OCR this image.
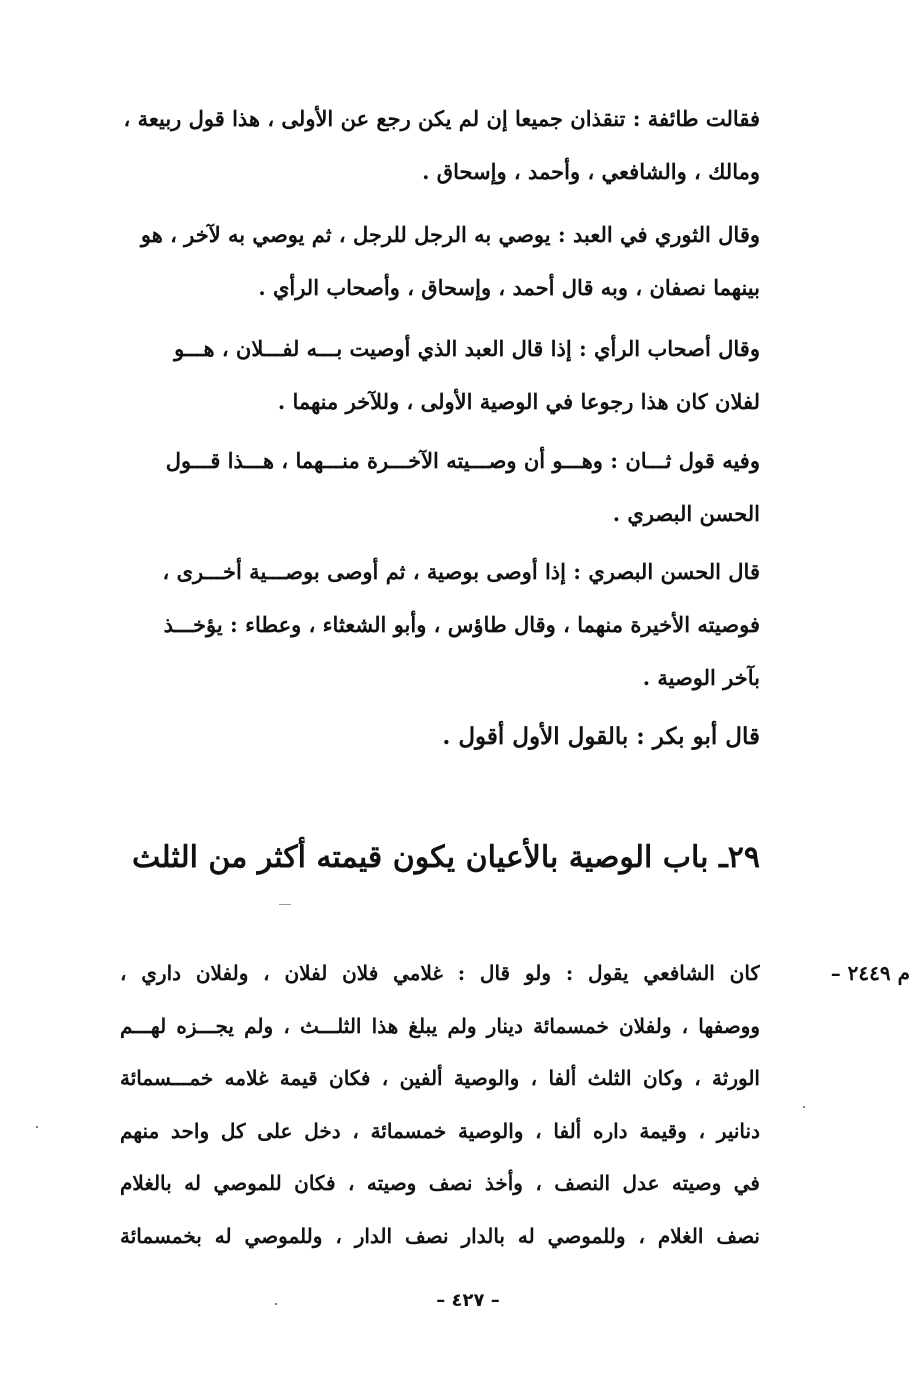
فقالت طائفة : تنقذان جميعا إن لم يكن رجع عن الأولى ، هذا قول ربيعة ،
ومالك ، والشافعي ، وأحمد ، وإسحاق .
وقال الثوري في العبد : يوصي به الرجل للرجل ، ثم يوصي به لآخر ، هو
بينهما نصفان ، وبه قال أحمد ، وإسحاق ، وأصحاب الرأي .
وقال أصحاب الرأي : إذا قال العبد الذي أوصيت بـــه لفـــلان ، هـــو
لفلان كان هذا رجوعا في الوصية الأولى ، وللآخر منهما .
وفيه قول ثـــان : وهـــو أن وصـــيته الآخـــرة منـــهما ، هـــذا قـــول
الحسن البصري .
قال الحسن البصري : إذا أوصى بوصية ، ثم أوصى بوصـــية أخـــرى ،
فوصيته الأخيرة منهما ، وقال طاؤس ، وأبو الشعثاء ، وعطاء : يؤخـــذ
بآخر الوصية .
قال أبو بكر : بالقول الأول أقول .
٢٩ـ باب الوصية بالأعيان يكون قيمته أكثر من الثلث
م ٢٤٤٩ –
كان الشافعي يقول : ولو قال : غلامي فلان لفلان ، ولفلان داري ،
ووصفها ، ولفلان خمسمائة دينار ولم يبلغ هذا الثلـــث ، ولم يجـــزه لهـــم
الورثة ، وكان الثلث ألفا ، والوصية ألفين ، فكان قيمة غلامه خمـــسمائة
دنانير ، وقيمة داره ألفا ، والوصية خمسمائة ، دخل على كل واحد منهم
في وصيته عدل النصف ، وأخذ نصف وصيته ، فكان للموصي له بالغلام
نصف الغلام ، وللموصي له بالدار نصف الدار ، وللموصي له بخمسمائة
– ٤٢٧ –
